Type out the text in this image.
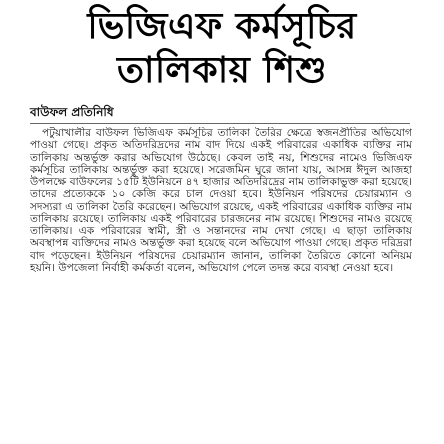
ভিজিএফ কর্মসূচির
তালিকায় শিশু
বাউফল প্রতিনিধি

পটুয়াখালীর বাউফল ভিজিএফ কর্মসূচির তালিকা তৈরির ক্ষেত্রে স্বজনপ্রীতির অভিযোগ পাওয়া গেছে। প্রকৃত অতিদরিদ্রদের নাম বাদ দিয়ে একই পরিবারের একাধিক ব্যক্তির নাম তালিকায় অন্তর্ভুক্ত করার অভিযোগ উঠেছে। কেবল তাই নয়, শিশুদের নামেও ভিজিএফ কর্মসূচির তালিকায় অন্তর্ভুক্ত করা হয়েছে। সরেজমিন ঘুরে জানা যায়, আসন্ন ঈদুল আজহা উপলক্ষে বাউফলের ১৫টি ইউনিয়নে ৪৭ হাজার অতিদরিদ্রের নাম তালিকাভুক্ত করা হয়েছে। তাদের প্রত্যেককে ১০ কেজি করে চাল দেওয়া হবে। ইউনিয়ন পরিষদের চেয়ারম্যান ও সদস্যরা এ তালিকা তৈরি করেছেন। অভিযোগ রয়েছে, একই পরিবারের একাধিক ব্যক্তির নাম তালিকায় রয়েছে। তালিকায় একই পরিবারের চারজনের নাম রয়েছে। শিশুদের নামও রয়েছে তালিকায়। এক পরিবারের স্বামী, স্ত্রী ও সন্তানদের নাম দেখা গেছে। এ ছাড়া তালিকায় অবস্থাপন্ন ব্যক্তিদের নামও অন্তর্ভুক্ত করা হয়েছে বলে অভিযোগ পাওয়া গেছে। প্রকৃত দরিদ্ররা বাদ পড়েছেন। ইউনিয়ন পরিষদের চেয়ারম্যান জানান, তালিকা তৈরিতে কোনো অনিয়ম হয়নি। উপজেলা নির্বাহী কর্মকর্তা বলেন, অভিযোগ পেলে তদন্ত করে ব্যবস্থা নেওয়া হবে।
